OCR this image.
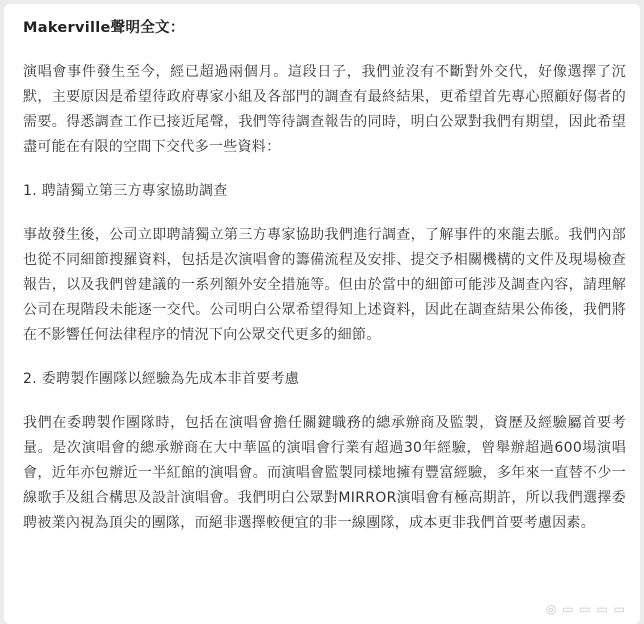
Makerville聲明全文：

演唱會事件發生至今，經已超過兩個月。這段日子，我們並沒有不斷對外交代，好像選擇了沉默，主要原因是希望待政府專家小組及各部門的調查有最終結果，更希望首先專心照顧好傷者的需要。得悉調查工作已接近尾聲，我們等待調查報告的同時，明白公眾對我們有期望，因此希望盡可能在有限的空間下交代多一些資料：

1. 聘請獨立第三方專家協助調查

事故發生後，公司立即聘請獨立第三方專家協助我們進行調查，了解事件的來龍去脈。我們內部也從不同細節搜羅資料，包括是次演唱會的籌備流程及安排、提交予相關機構的文件及現場檢查報告，以及我們曾建議的一系列額外安全措施等。但由於當中的細節可能涉及調查內容，請理解公司在現階段未能逐一交代。公司明白公眾希望得知上述資料，因此在調查結果公佈後，我們將在不影響任何法律程序的情況下向公眾交代更多的細節。

2. 委聘製作團隊以經驗為先成本非首要考慮

我們在委聘製作團隊時，包括在演唱會擔任關鍵職務的總承辦商及監製，資歷及經驗屬首要考量。是次演唱會的總承辦商在大中華區的演唱會行業有超過30年經驗，曾舉辦超過600場演唱會，近年亦包辦近一半紅館的演唱會。而演唱會監製同樣地擁有豐富經驗，多年來一直替不少一線歌手及組合構思及設計演唱會。我們明白公眾對MIRROR演唱會有極高期許，所以我們選擇委聘被業內視為頂尖的團隊，而絕非選擇較便宜的非一線團隊，成本更非我們首要考慮因素。

◎ ▭ ▭ ▭ ▭
